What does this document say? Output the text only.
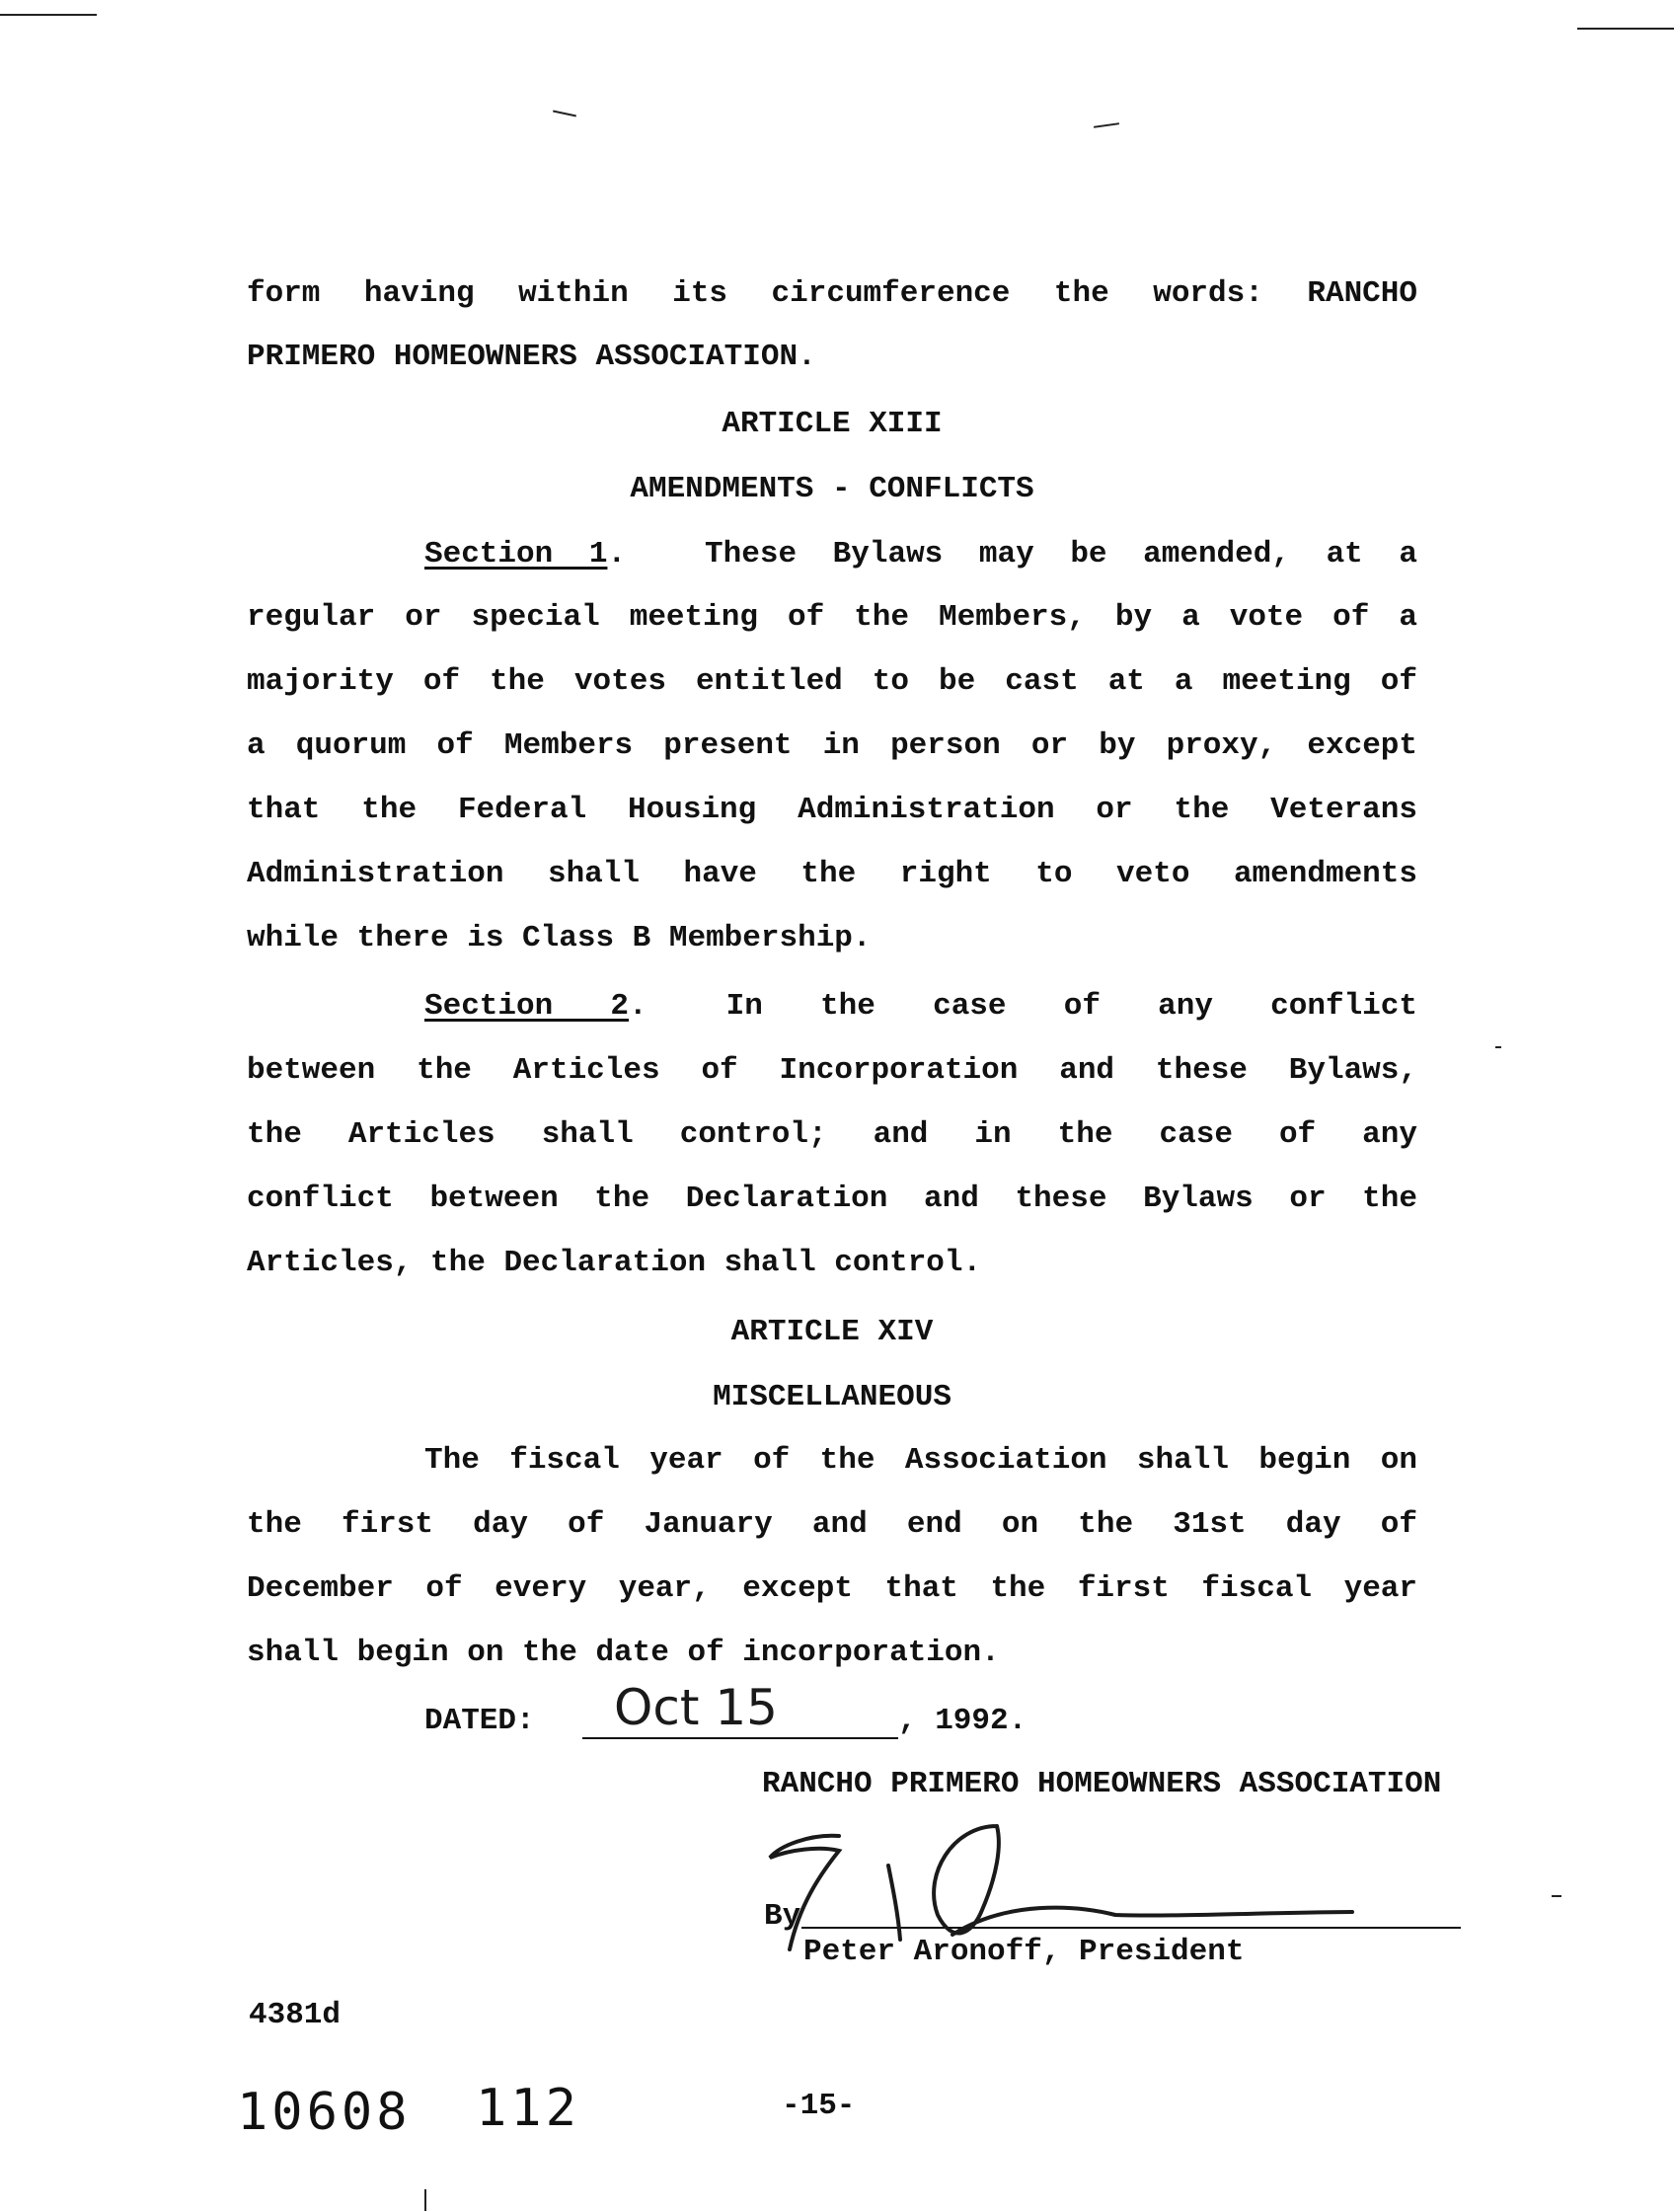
form having within its circumference the words: RANCHO
PRIMERO HOMEOWNERS ASSOCIATION.
ARTICLE XIII
AMENDMENTS - CONFLICTS
Section 1.	These Bylaws may be amended, at a
regular or special meeting of the Members, by a vote of a
majority of the votes entitled to be cast at a meeting of
a quorum of Members present in person or by proxy, except
that the Federal Housing Administration or the Veterans
Administration shall have the right to veto amendments
while there is Class B Membership.
Section 2.	In the case of any conflict
between the Articles of Incorporation and these Bylaws,
the Articles shall control; and in the case of any
conflict between the Declaration and these Bylaws or the
Articles, the Declaration shall control.
ARTICLE XIV
MISCELLANEOUS
The fiscal year of the Association shall begin on
the first day of January and end on the 31st day of
December of every year, except that the first fiscal year
shall begin on the date of incorporation.
DATED: Oct 15	, 1992.
RANCHO PRIMERO HOMEOWNERS ASSOCIATION
By
Peter Aronoff, President
4381d
10608 112	-15-
